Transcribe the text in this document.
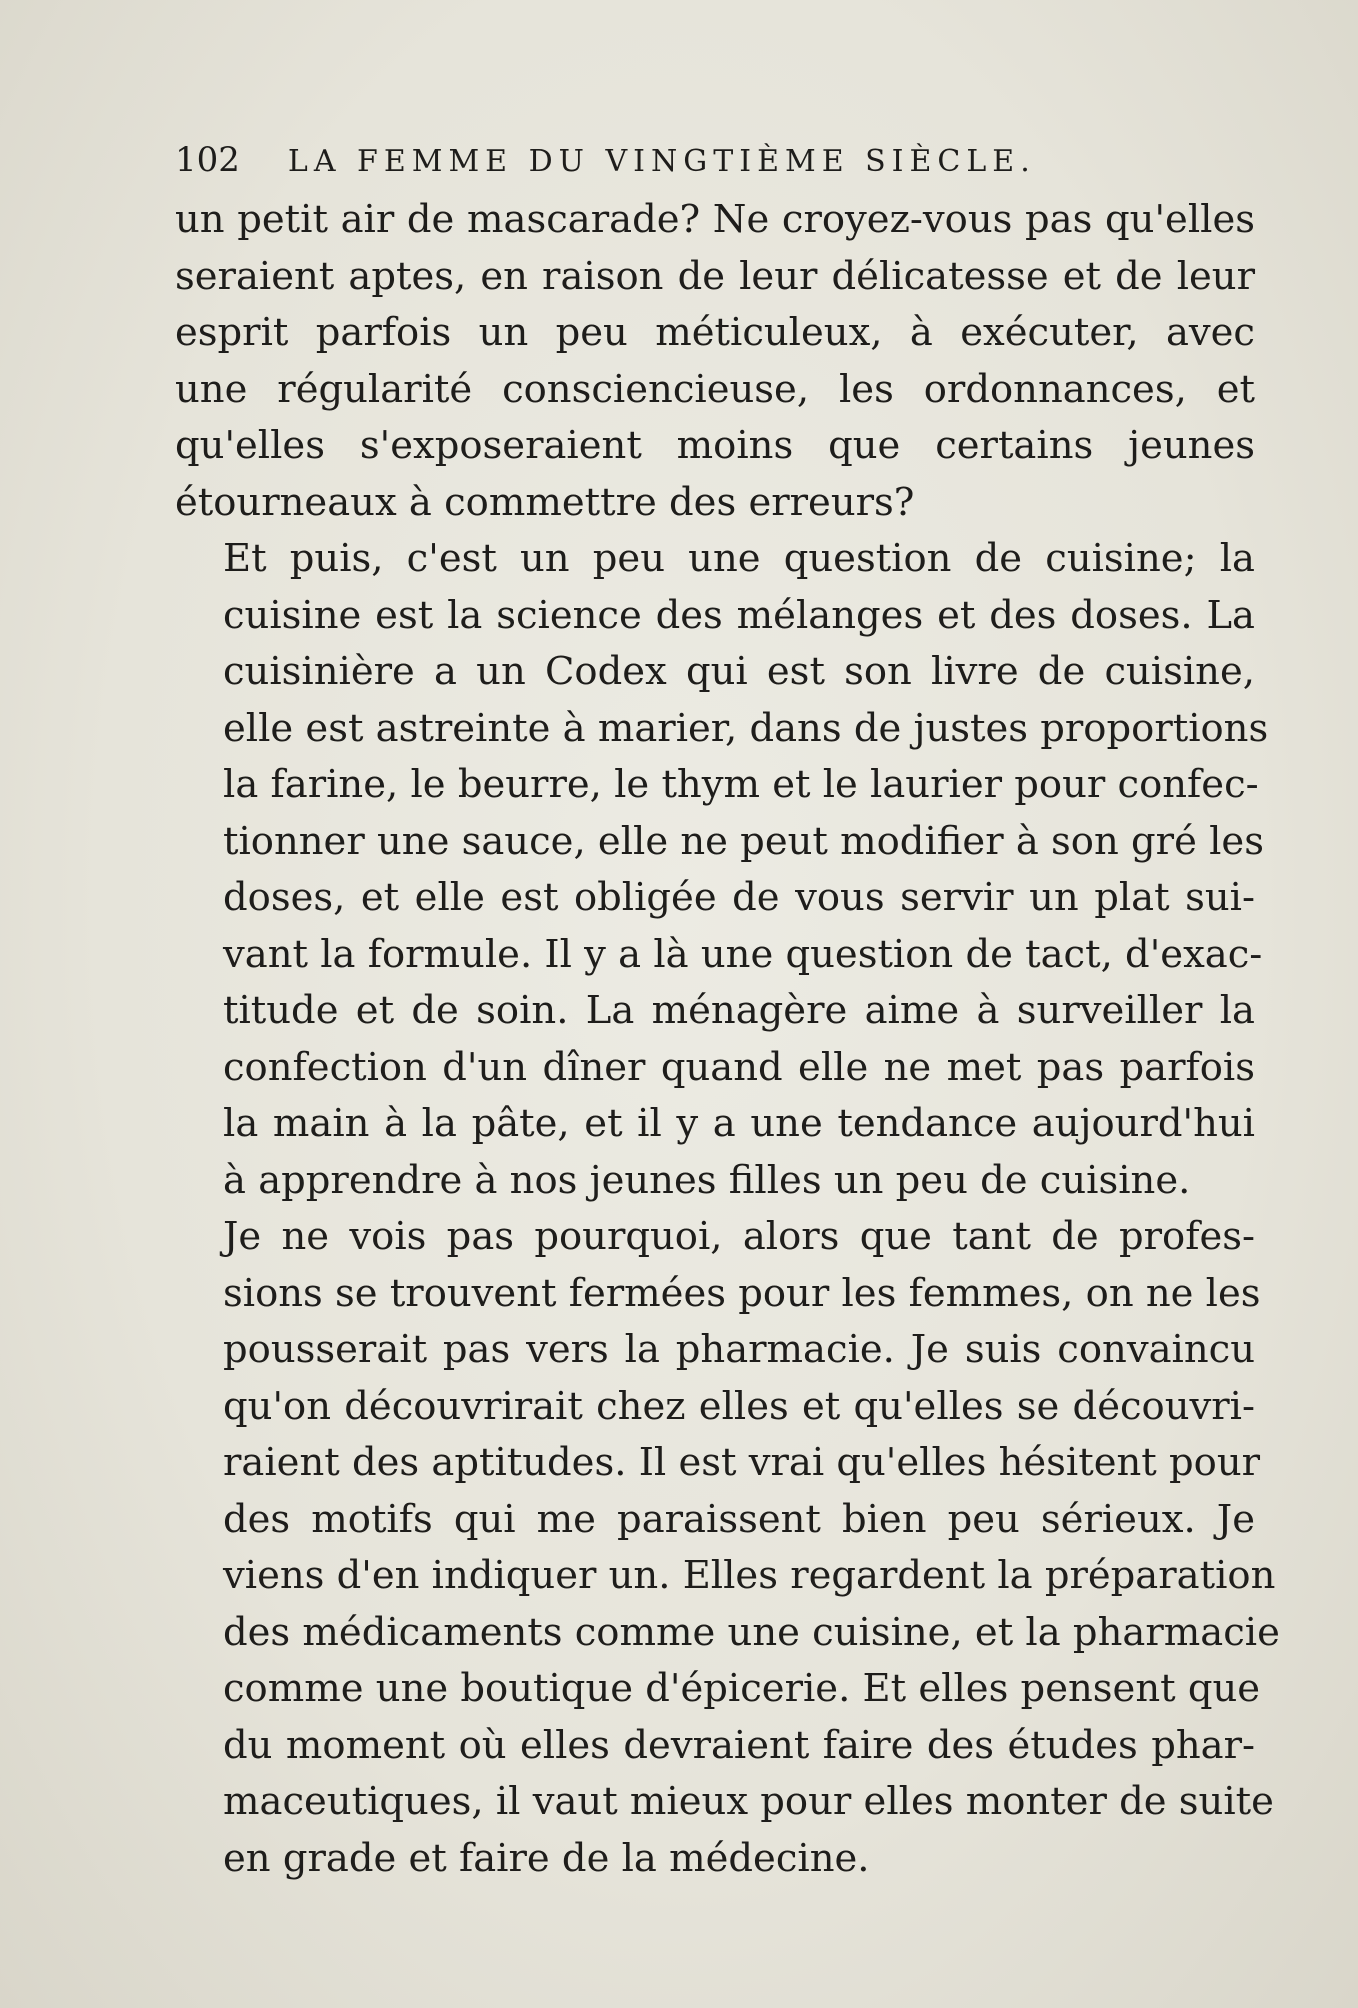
102 LA FEMME DU VINGTIÈME SIÈCLE.

un petit air de mascarade? Ne croyez-vous pas qu'elles
seraient aptes, en raison de leur délicatesse et de leur
esprit parfois un peu méticuleux, à exécuter, avec
une régularité consciencieuse, les ordonnances, et
qu'elles s'exposeraient moins que certains jeunes
étourneaux à commettre des erreurs?

Et puis, c'est un peu une question de cuisine; la
cuisine est la science des mélanges et des doses. La
cuisinière a un Codex qui est son livre de cuisine,
elle est astreinte à marier, dans de justes proportions
la farine, le beurre, le thym et le laurier pour confec-
tionner une sauce, elle ne peut modifier à son gré les
doses, et elle est obligée de vous servir un plat sui-
vant la formule. Il y a là une question de tact, d'exac-
titude et de soin. La ménagère aime à surveiller la
confection d'un dîner quand elle ne met pas parfois
la main à la pâte, et il y a une tendance aujourd'hui
à apprendre à nos jeunes filles un peu de cuisine.

Je ne vois pas pourquoi, alors que tant de profes-
sions se trouvent fermées pour les femmes, on ne les
pousserait pas vers la pharmacie. Je suis convaincu
qu'on découvrirait chez elles et qu'elles se découvri-
raient des aptitudes. Il est vrai qu'elles hésitent pour
des motifs qui me paraissent bien peu sérieux. Je
viens d'en indiquer un. Elles regardent la préparation
des médicaments comme une cuisine, et la pharmacie
comme une boutique d'épicerie. Et elles pensent que
du moment où elles devraient faire des études phar-
maceutiques, il vaut mieux pour elles monter de suite
en grade et faire de la médecine.
